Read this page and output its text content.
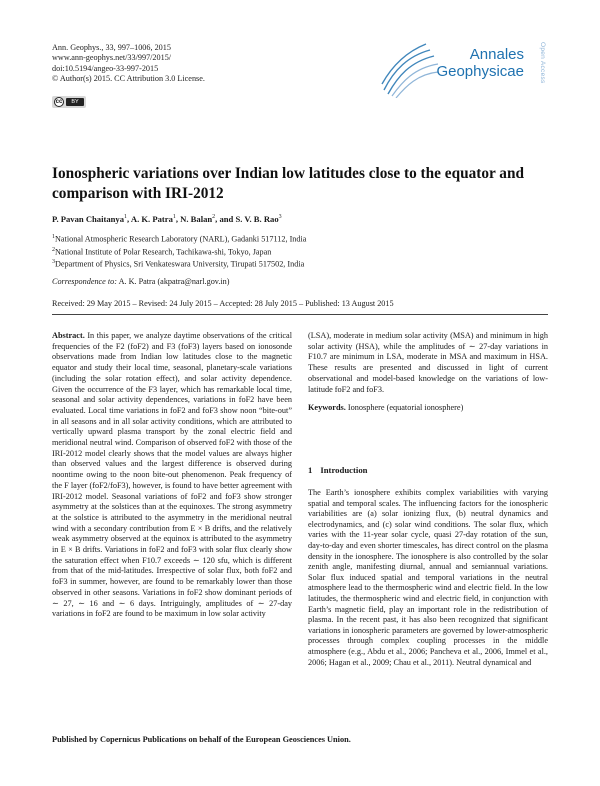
Ann. Geophys., 33, 997–1006, 2015
www.ann-geophys.net/33/997/2015/
doi:10.5194/angeo-33-997-2015
© Author(s) 2015. CC Attribution 3.0 License.
cc	BY
Annales
Geophysicae Open Access
Ionospheric variations over Indian low latitudes close to the equator and comparison with IRI-2012
P. Pavan Chaitanya$^1$, A. K. Patra$^1$, N. Balan$^2$, and S. V. B. Rao$^3$
$^1$National Atmospheric Research Laboratory (NARL), Gadanki 517112, India
$^2$National Institute of Polar Research, Tachikawa-shi, Tokyo, Japan
$^3$Department of Physics, Sri Venkateswara University, Tirupati 517502, India
Correspondence to: A. K. Patra (akpatra@narl.gov.in)
Received: 29 May 2015 – Revised: 24 July 2015 – Accepted: 28 July 2015 – Published: 13 August 2015

Abstract. In this paper, we analyze daytime observations of the critical frequencies of the F2 (foF2) and F3 (foF3) layers based on ionosonde observations made from Indian low latitudes close to the magnetic equator and study their local time, seasonal, planetary-scale variations (including the solar rotation effect), and solar activity dependence. Given the occurrence of the F3 layer, which has remarkable local time, seasonal and solar activity dependences, variations in foF2 have been evaluated. Local time variations in foF2 and foF3 show noon “bite-out” in all seasons and in all solar activity conditions, which are attributed to vertically upward plasma transport by the zonal electric field and meridional neutral wind. Comparison of observed foF2 with those of the IRI-2012 model clearly shows that the model values are always higher than observed values and the largest difference is observed during noontime owing to the noon bite-out phenomenon. Peak frequency of the F layer (foF2/foF3), however, is found to have better agreement with IRI-2012 model. Seasonal variations of foF2 and foF3 show stronger asymmetry at the solstices than at the equinoxes. The strong asymmetry at the solstice is attributed to the asymmetry in the meridional neutral wind with a secondary contribution from E × B drifts, and the relatively weak asymmetry observed at the equinox is attributed to the asymmetry in E × B drifts. Variations in foF2 and foF3 with solar flux clearly show the saturation effect when F10.7 exceeds ∼ 120 sfu, which is different from that of the mid-latitudes. Irrespective of solar flux, both foF2 and foF3 in summer, however, are found to be remarkably lower than those observed in other seasons. Variations in foF2 show dominant periods of ∼ 27, ∼ 16 and ∼ 6 days. Intriguingly, amplitudes of ∼ 27-day variations in foF2 are found to be maximum in low solar activity

(LSA), moderate in medium solar activity (MSA) and minimum in high solar activity (HSA), while the amplitudes of ∼ 27-day variations in F10.7 are minimum in LSA, moderate in MSA and maximum in HSA. These results are presented and discussed in light of current observational and model-based knowledge on the variations of low-latitude foF2 and foF3.

Keywords. Ionosphere (equatorial ionosphere)

1 Introduction

The Earth’s ionosphere exhibits complex variabilities with varying spatial and temporal scales. The influencing factors for the ionospheric variabilities are (a) solar ionizing flux, (b) neutral dynamics and electrodynamics, and (c) solar wind conditions. The solar flux, which varies with the 11-year solar cycle, quasi 27-day rotation of the sun, day-to-day and even shorter timescales, has direct control on the plasma density in the ionosphere. The ionosphere is also controlled by the solar zenith angle, manifesting diurnal, annual and semiannual variations. Solar flux induced spatial and temporal variations in the neutral atmosphere lead to the thermospheric wind and electric field. In the low latitudes, the thermospheric wind and electric field, in conjunction with Earth’s magnetic field, play an important role in the redistribution of plasma. In the recent past, it has also been recognized that significant variations in ionospheric parameters are governed by lower-atmospheric processes through complex coupling processes in the middle atmosphere (e.g., Abdu et al., 2006; Pancheva et al., 2006, Immel et al., 2006; Hagan et al., 2009; Chau et al., 2011). Neutral dynamical and

Published by Copernicus Publications on behalf of the European Geosciences Union.
